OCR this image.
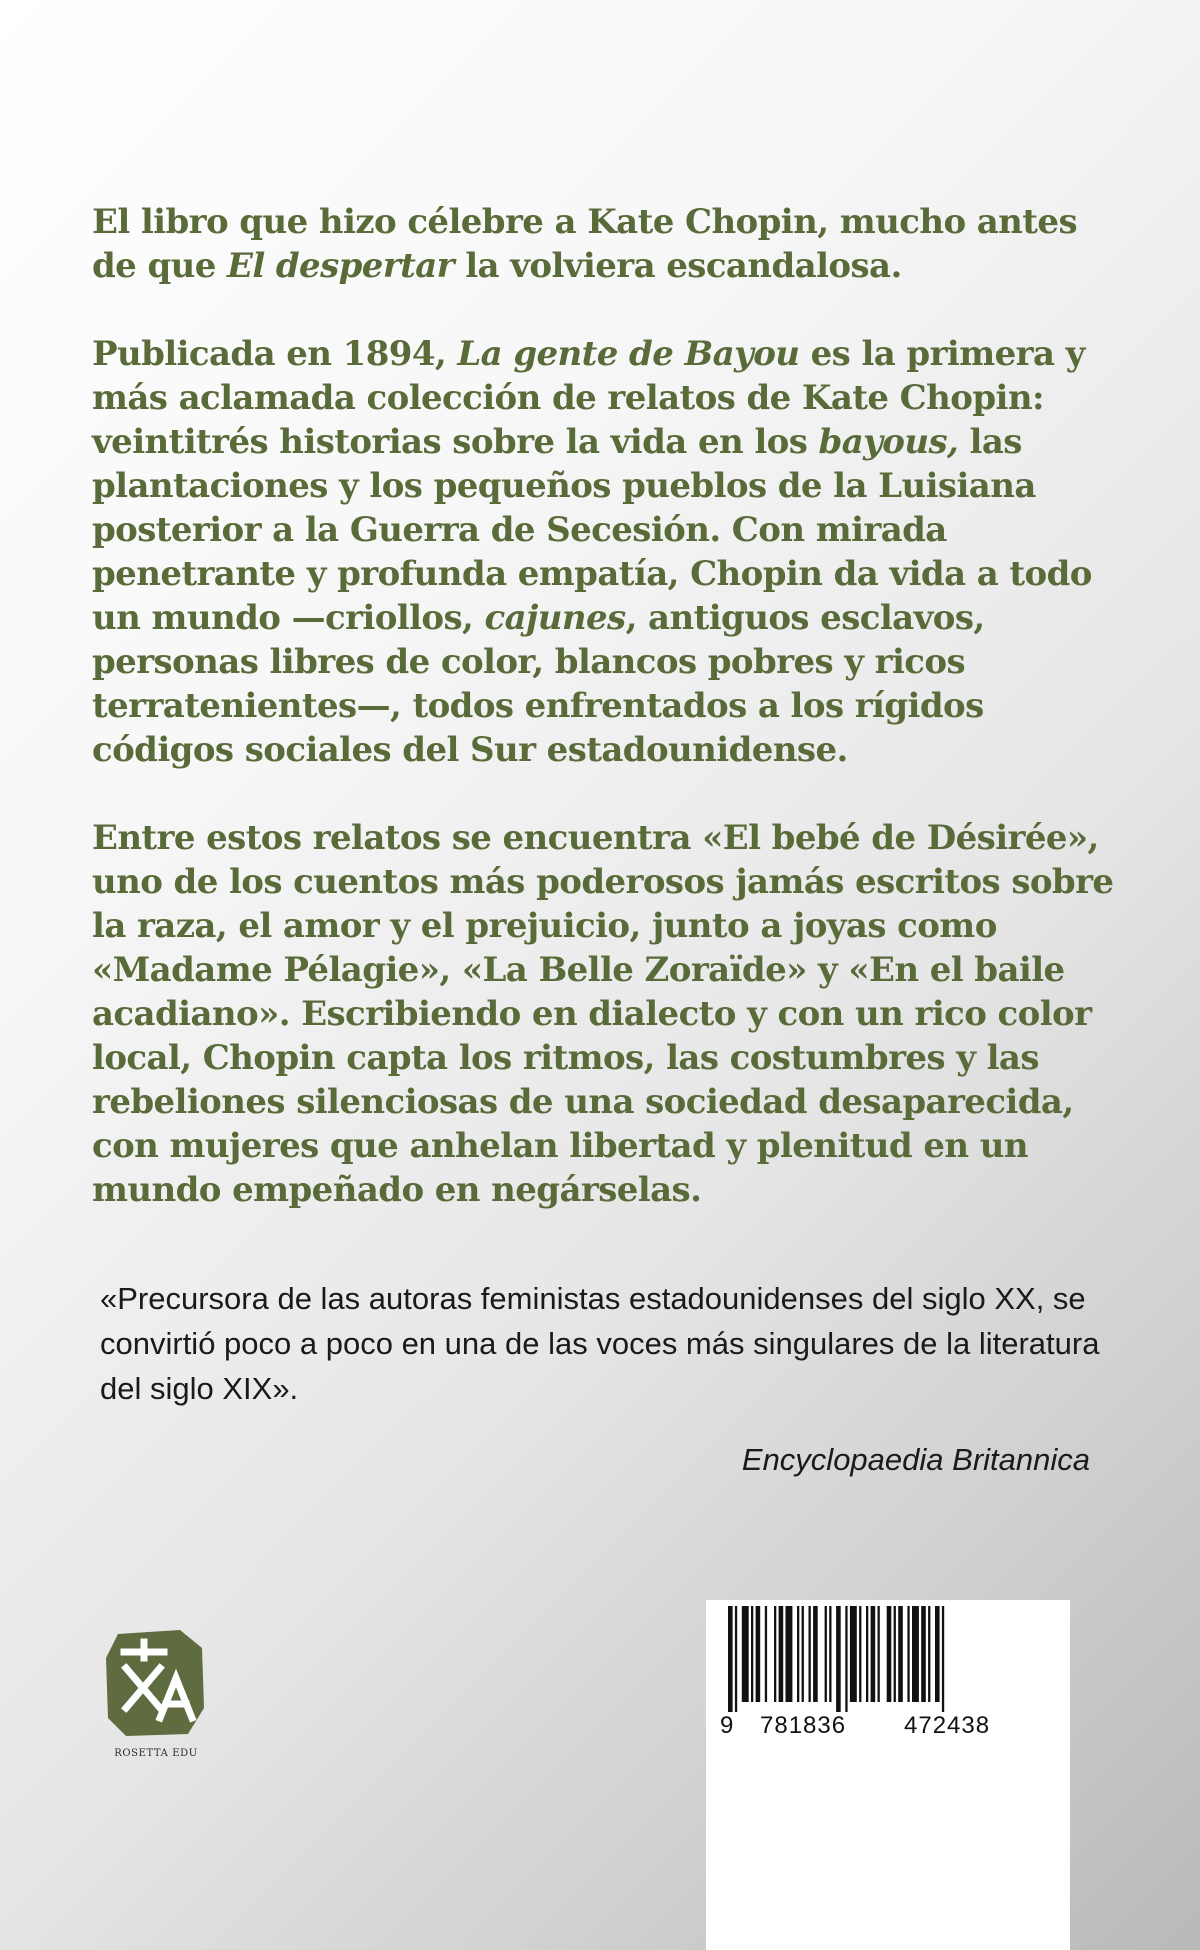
El libro que hizo célebre a Kate Chopin, mucho antes de que El despertar la volviera escandalosa.

Publicada en 1894, La gente de Bayou es la primera y más aclamada colección de relatos de Kate Chopin: veintitrés historias sobre la vida en los bayous, las plantaciones y los pequeños pueblos de la Luisiana posterior a la Guerra de Secesión. Con mirada penetrante y profunda empatía, Chopin da vida a todo un mundo —criollos, cajunes, antiguos esclavos, personas libres de color, blancos pobres y ricos terratenientes—, todos enfrentados a los rígidos códigos sociales del Sur estadounidense.

Entre estos relatos se encuentra «El bebé de Désirée», uno de los cuentos más poderosos jamás escritos sobre la raza, el amor y el prejuicio, junto a joyas como «Madame Pélagie», «La Belle Zoraïde» y «En el baile acadiano». Escribiendo en dialecto y con un rico color local, Chopin capta los ritmos, las costumbres y las rebeliones silenciosas de una sociedad desaparecida, con mujeres que anhelan libertad y plenitud en un mundo empeñado en negárselas.

«Precursora de las autoras feministas estadounidenses del siglo XX, se convirtió poco a poco en una de las voces más singulares de la literatura del siglo XIX».

Encyclopaedia Britannica
ROSETTA EDU
9 781836 472438
